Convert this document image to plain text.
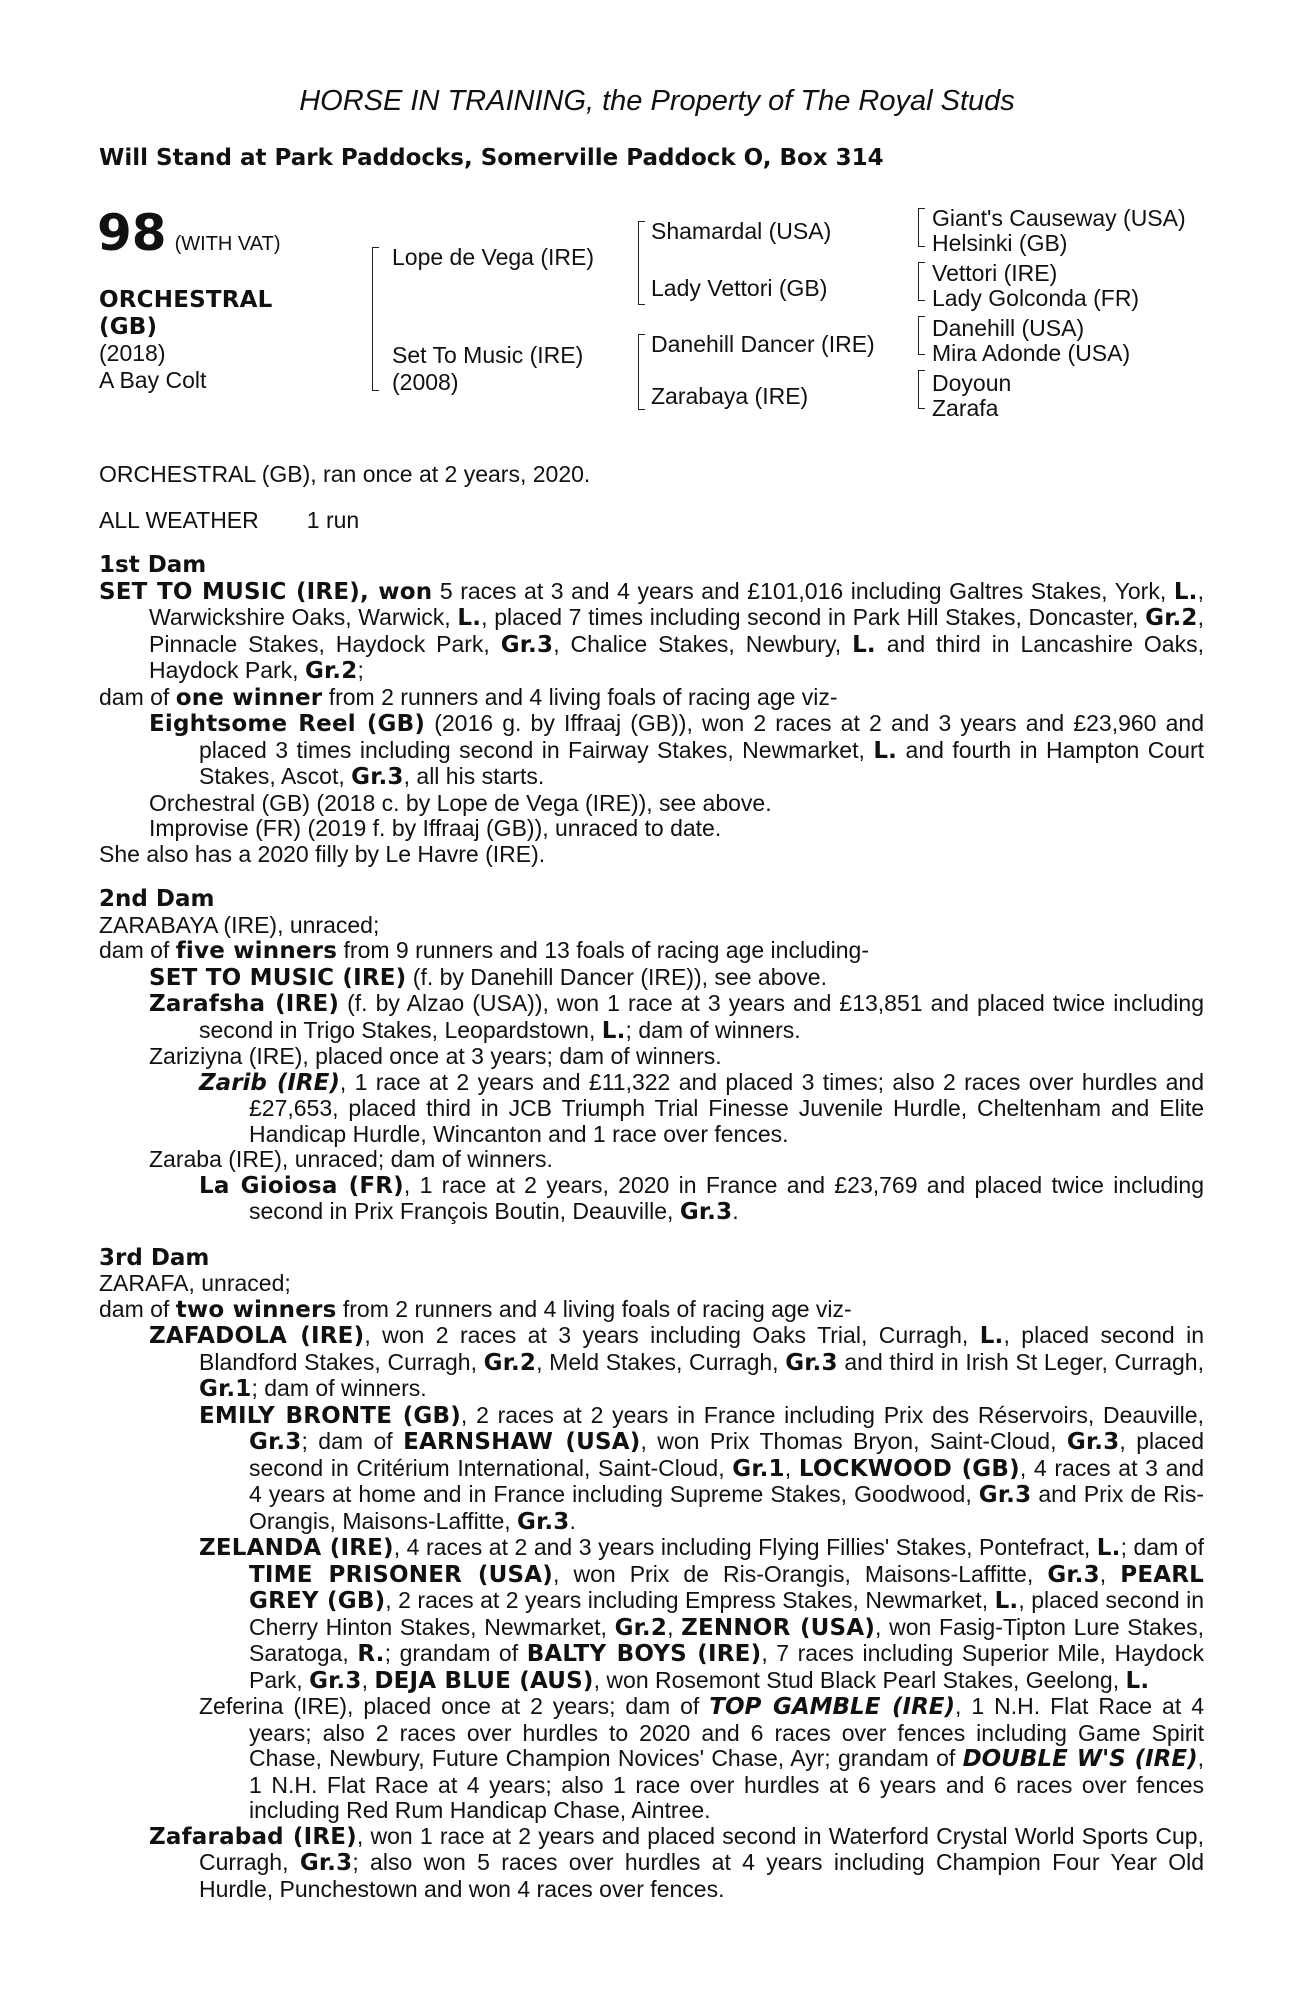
HORSE IN TRAINING, the Property of The Royal Studs
Will Stand at Park Paddocks, Somerville Paddock O, Box 314
98 (WITH VAT)
ORCHESTRAL
(GB)
(2018)
A Bay Colt
Lope de Vega (IRE)
Set To Music (IRE)
(2008)
Shamardal (USA)
Lady Vettori (GB)
Danehill Dancer (IRE)
Zarabaya (IRE)
Giant's Causeway (USA)
Helsinki (GB)
Vettori (IRE)
Lady Golconda (FR)
Danehill (USA)
Mira Adonde (USA)
Doyoun
Zarafa

ORCHESTRAL (GB), ran once at 2 years, 2020.

ALL WEATHER 1 run

1st Dam

SET TO MUSIC (IRE), won 5 races at 3 and 4 years and £101,016 including Galtres Stakes, York, L., Warwickshire Oaks, Warwick, L., placed 7 times including second in Park Hill Stakes, Doncaster, Gr.2, Pinnacle Stakes, Haydock Park, Gr.3, Chalice Stakes, Newbury, L. and third in Lancashire Oaks, Haydock Park, Gr.2;

dam of one winner from 2 runners and 4 living foals of racing age viz-

Eightsome Reel (GB) (2016 g. by Iffraaj (GB)), won 2 races at 2 and 3 years and £23,960 and placed 3 times including second in Fairway Stakes, Newmarket, L. and fourth in Hampton Court Stakes, Ascot, Gr.3, all his starts.

Orchestral (GB) (2018 c. by Lope de Vega (IRE)), see above.

Improvise (FR) (2019 f. by Iffraaj (GB)), unraced to date.

She also has a 2020 filly by Le Havre (IRE).

2nd Dam

ZARABAYA (IRE), unraced;

dam of five winners from 9 runners and 13 foals of racing age including-

SET TO MUSIC (IRE) (f. by Danehill Dancer (IRE)), see above.

Zarafsha (IRE) (f. by Alzao (USA)), won 1 race at 3 years and £13,851 and placed twice including second in Trigo Stakes, Leopardstown, L.; dam of winners.

Zariziyna (IRE), placed once at 3 years; dam of winners.

Zarib (IRE), 1 race at 2 years and £11,322 and placed 3 times; also 2 races over hurdles and £27,653, placed third in JCB Triumph Trial Finesse Juvenile Hurdle, Cheltenham and Elite Handicap Hurdle, Wincanton and 1 race over fences.

Zaraba (IRE), unraced; dam of winners.

La Gioiosa (FR), 1 race at 2 years, 2020 in France and £23,769 and placed twice including second in Prix François Boutin, Deauville, Gr.3.

3rd Dam

ZARAFA, unraced;

dam of two winners from 2 runners and 4 living foals of racing age viz-

ZAFADOLA (IRE), won 2 races at 3 years including Oaks Trial, Curragh, L., placed second in Blandford Stakes, Curragh, Gr.2, Meld Stakes, Curragh, Gr.3 and third in Irish St Leger, Curragh, Gr.1; dam of winners.

EMILY BRONTE (GB), 2 races at 2 years in France including Prix des Réservoirs, Deauville, Gr.3; dam of EARNSHAW (USA), won Prix Thomas Bryon, Saint-Cloud, Gr.3, placed second in Critérium International, Saint-Cloud, Gr.1, LOCKWOOD (GB), 4 races at 3 and 4 years at home and in France including Supreme Stakes, Goodwood, Gr.3 and Prix de Ris-Orangis, Maisons-Laffitte, Gr.3.

ZELANDA (IRE), 4 races at 2 and 3 years including Flying Fillies' Stakes, Pontefract, L.; dam of TIME PRISONER (USA), won Prix de Ris-Orangis, Maisons-Laffitte, Gr.3, PEARL GREY (GB), 2 races at 2 years including Empress Stakes, Newmarket, L., placed second in Cherry Hinton Stakes, Newmarket, Gr.2, ZENNOR (USA), won Fasig-Tipton Lure Stakes, Saratoga, R.; grandam of BALTY BOYS (IRE), 7 races including Superior Mile, Haydock Park, Gr.3, DEJA BLUE (AUS), won Rosemont Stud Black Pearl Stakes, Geelong, L.

Zeferina (IRE), placed once at 2 years; dam of TOP GAMBLE (IRE), 1 N.H. Flat Race at 4 years; also 2 races over hurdles to 2020 and 6 races over fences including Game Spirit Chase, Newbury, Future Champion Novices' Chase, Ayr; grandam of DOUBLE W'S (IRE), 1 N.H. Flat Race at 4 years; also 1 race over hurdles at 6 years and 6 races over fences including Red Rum Handicap Chase, Aintree.

Zafarabad (IRE), won 1 race at 2 years and placed second in Waterford Crystal World Sports Cup, Curragh, Gr.3; also won 5 races over hurdles at 4 years including Champion Four Year Old Hurdle, Punchestown and won 4 races over fences.
